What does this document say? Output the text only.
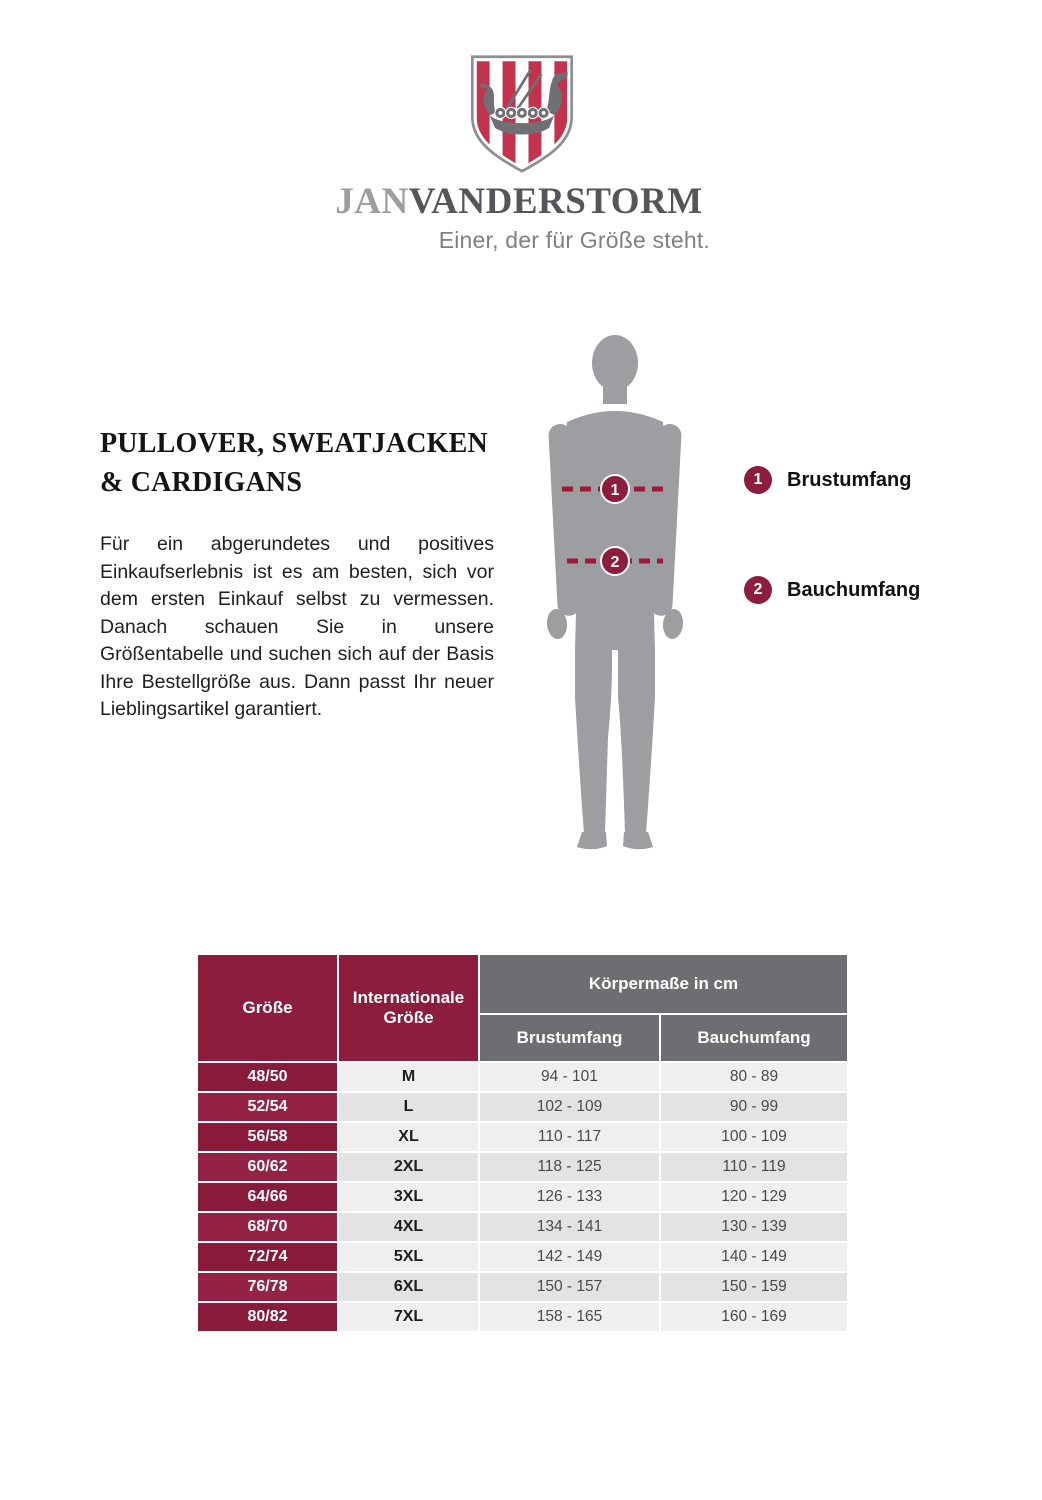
JANVANDERSTORM
Einer, der für Größe steht.
PULLOVER, SWEATJACKEN
& CARDIGANS
Für ein abgerundetes und positives Einkaufserlebnis ist es am besten, sich vor dem ersten Einkauf selbst zu vermessen. Danach schauen Sie in unsere Größentabelle und suchen sich auf der Basis Ihre Bestellgröße aus. Dann passt Ihr neuer Lieblingsartikel garantiert.
1
2
1	Brustumfang
2	Bauchumfang
Größe
Internationale Größe
Körpermaße in cm
Brustumfang	Bauchumfang
48/50	M	94 - 101	80 - 89
52/54	L	102 - 109	90 - 99
56/58	XL	110 - 117	100 - 109
60/62	2XL	118 - 125	110 - 119
64/66	3XL	126 - 133	120 - 129
68/70	4XL	134 - 141	130 - 139
72/74	5XL	142 - 149	140 - 149
76/78	6XL	150 - 157	150 - 159
80/82	7XL	158 - 165	160 - 169
